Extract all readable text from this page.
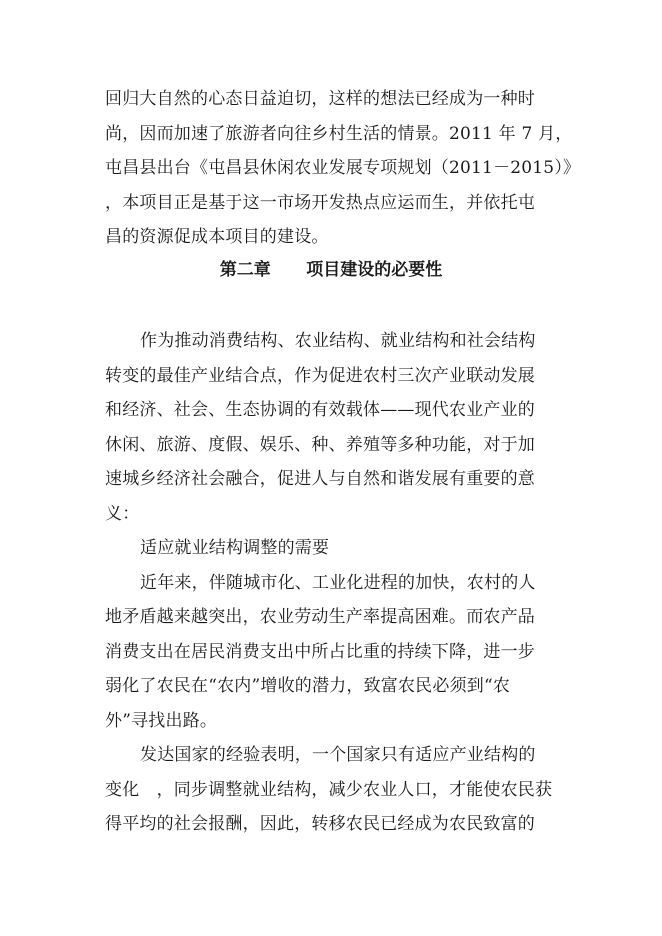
回归大自然的心态日益迫切，这样的想法已经成为一种时
尚，因而加速了旅游者向往乡村生活的情景。2011 年 7 月，
屯昌县出台《屯昌县休闲农业发展专项规划（2011－2015）》
，本项目正是基于这一市场开发热点应运而生，并依托屯
昌的资源促成本项目的建设。
第二章 项目建设的必要性
作为推动消费结构、农业结构、就业结构和社会结构
转变的最佳产业结合点，作为促进农村三次产业联动发展
和经济、社会、生态协调的有效载体——现代农业产业的
休闲、旅游、度假、娱乐、种、养殖等多种功能，对于加
速城乡经济社会融合，促进人与自然和谐发展有重要的意
义：
适应就业结构调整的需要
近年来，伴随城市化、工业化进程的加快，农村的人
地矛盾越来越突出，农业劳动生产率提高困难。而农产品
消费支出在居民消费支出中所占比重的持续下降，进一步
弱化了农民在“农内”增收的潜力，致富农民必须到“农
外”寻找出路。
发达国家的经验表明，一个国家只有适应产业结构的
变化　，同步调整就业结构，减少农业人口，才能使农民获
得平均的社会报酬，因此，转移农民已经成为农民致富的
